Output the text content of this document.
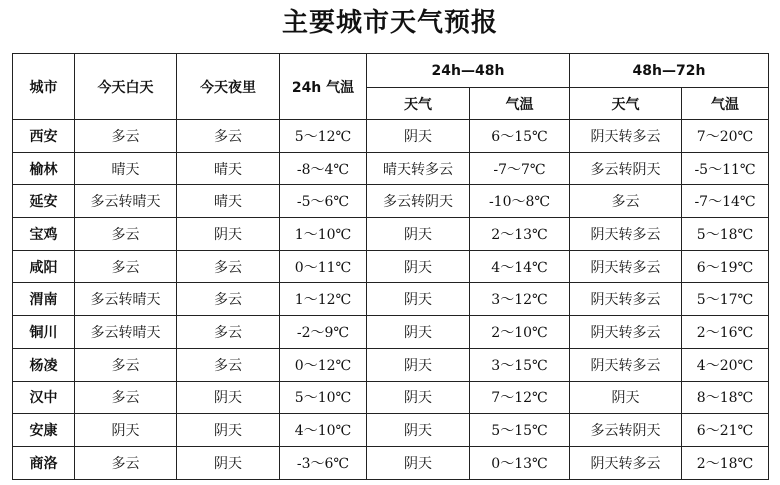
主要城市天气预报
城市	今天白天	今天夜里	24h 气温	24h—48h		48h—72h	
				天气	气温	天气	气温
西安	多云	多云	5～12℃	阴天	6～15℃	阴天转多云	7～20℃
榆林	晴天	晴天	-8～4℃	晴天转多云	-7～7℃	多云转阴天	-5～11℃
延安	多云转晴天	晴天	-5～6℃	多云转阴天	-10～8℃	多云	-7～14℃
宝鸡	多云	阴天	1～10℃	阴天	2～13℃	阴天转多云	5～18℃
咸阳	多云	多云	0～11℃	阴天	4～14℃	阴天转多云	6～19℃
渭南	多云转晴天	多云	1～12℃	阴天	3～12℃	阴天转多云	5～17℃
铜川	多云转晴天	多云	-2～9℃	阴天	2～10℃	阴天转多云	2～16℃
杨凌	多云	多云	0～12℃	阴天	3～15℃	阴天转多云	4～20℃
汉中	多云	阴天	5～10℃	阴天	7～12℃	阴天	8～18℃
安康	阴天	阴天	4～10℃	阴天	5～15℃	多云转阴天	6～21℃
商洛	多云	阴天	-3～6℃	阴天	0～13℃	阴天转多云	2～18℃
